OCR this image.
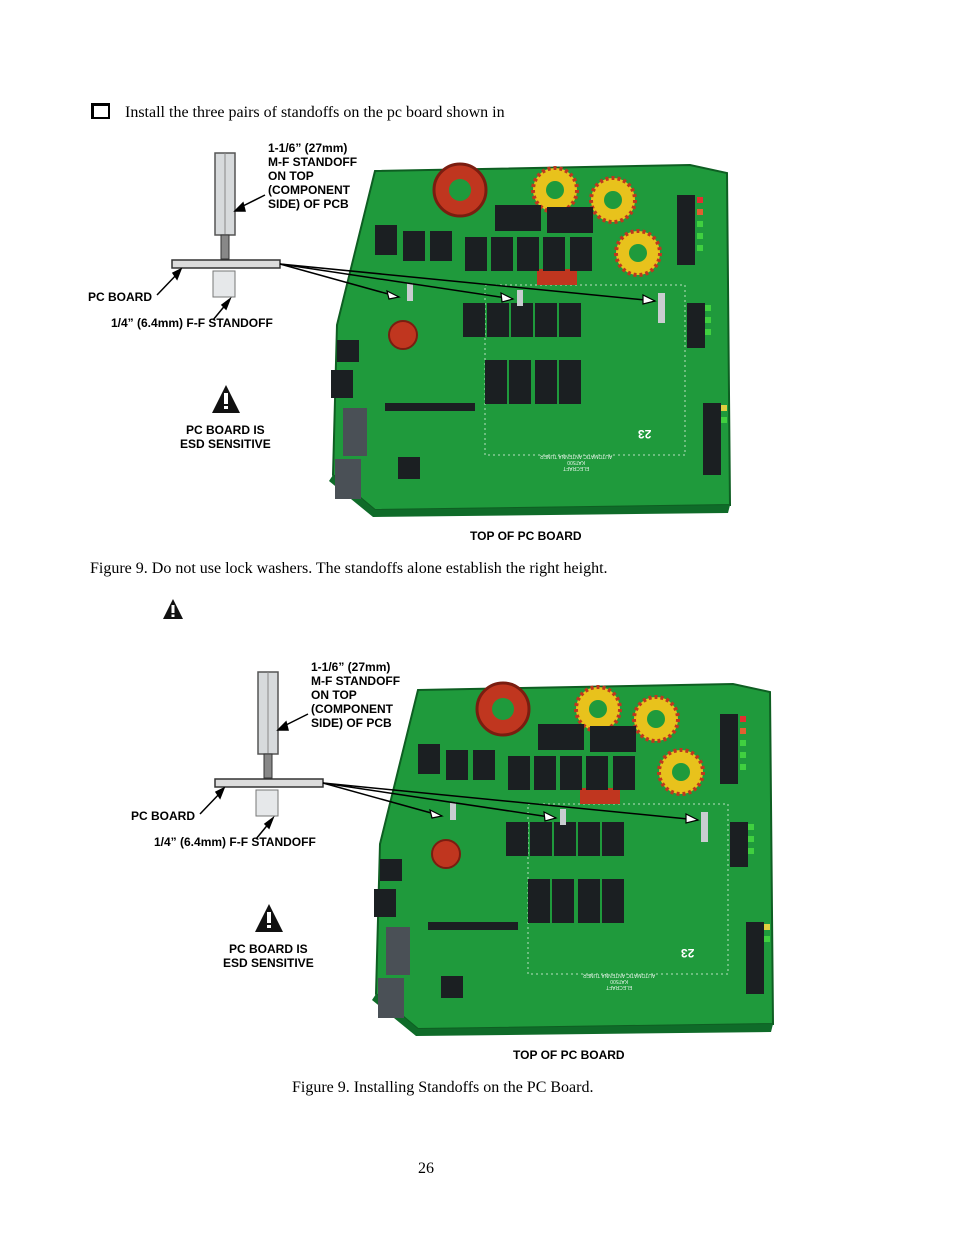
Install the three pairs of standoffs on the pc board shown in
1-1/6” (27mm)
M-F STANDOFF
ON TOP
(COMPONENT
SIDE) OF PCB
PC BOARD
1/4” (6.4mm) F-F STANDOFF
PC BOARD IS
ESD SENSITIVE
TOP OF PC BOARD
23
ELECRAFT
KAT500
AUTOMATIC ANTENNA TUNER
Figure 9. Do not use lock washers. The standoffs alone establish the right height.
1-1/6” (27mm)
M-F STANDOFF
ON TOP
(COMPONENT
SIDE) OF PCB
PC BOARD
1/4” (6.4mm) F-F STANDOFF
PC BOARD IS
ESD SENSITIVE
TOP OF PC BOARD
23
ELECRAFT
KAT500
AUTOMATIC ANTENNA TUNER
Figure 9. Installing Standoffs on the PC Board.
26
